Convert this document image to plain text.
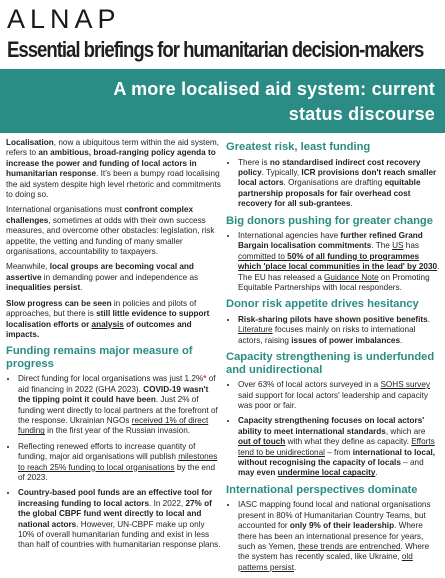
ALNAP
Essential briefings for humanitarian decision-makers
A more localised aid system: current
status discourse

Localisation, now a ubiquitous term within the aid system, refers to an ambitious, broad-ranging policy agenda to increase the power and funding of local actors in humanitarian response. It's been a bumpy road localising the aid system despite high level rhetoric and commitments to doing so.

International organisations must confront complex challenges, sometimes at odds with their own success measures, and overcome other obstacles: legislation, risk appetite, the vetting and funding of many smaller organisations, accountability to taxpayers.

Meanwhile, local groups are becoming vocal and assertive in demanding power and independence as inequalities persist.

Slow progress can be seen in policies and pilots of approaches, but there is still little evidence to support localisation efforts or analysis of outcomes and impacts.

Funding remains major measure of progress
• Direct funding for local organisations was just 1.2%* of aid financing in 2022 (GHA 2023). COVID-19 wasn't the tipping point it could have been. Just 2% of funding went directly to local partners at the forefront of the response. Ukrainian NGOs received 1% of direct funding in the first year of the Russian invasion.
• Reflecting renewed efforts to increase quantity of funding, major aid organisations will publish milestones to reach 25% funding to local organisations by the end of 2023.
• Country-based pool funds are an effective tool for increasing funding to local actors. In 2022, 27% of the global CBPF fund went directly to local and national actors. However, UN-CBPF make up only 10% of overall humanitarian funding and exist in less than half of countries with humanitarian response plans.
Greatest risk, least funding
• There is no standardised indirect cost recovery policy. Typically, ICR provisions don't reach smaller local actors. Organisations are drafting equitable partnership proposals for fair overhead cost recovery for all sub-grantees.
Big donors pushing for greater change
• International agencies have further refined Grand Bargain localisation commitments. The US has committed to 50% of all funding to programmes which 'place local communities in the lead' by 2030. The EU has released a Guidance Note on Promoting Equitable Partnerships with local responders.
Donor risk appetite drives hesitancy
• Risk-sharing pilots have shown positive benefits. Literature focuses mainly on risks to international actors, raising issues of power imbalances.
Capacity strengthening is underfunded and unidirectional
• Over 63% of local actors surveyed in a SOHS survey said support for local actors' leadership and capacity was poor or fair.
• Capacity strengthening focuses on local actors' ability to meet international standards, which are out of touch with what they define as capacity. Efforts tend to be unidirectional – from international to local, without recognising the capacity of locals – and may even undermine local capacity.
International perspectives dominate
• IASC mapping found local and national organisations present in 80% of Humanitarian Country Teams, but accounted for only 9% of their leadership. Where there has been an international presence for years, such as Yemen, these trends are entrenched. Where the system has recently scaled, like Ukraine, old patterns persist.
